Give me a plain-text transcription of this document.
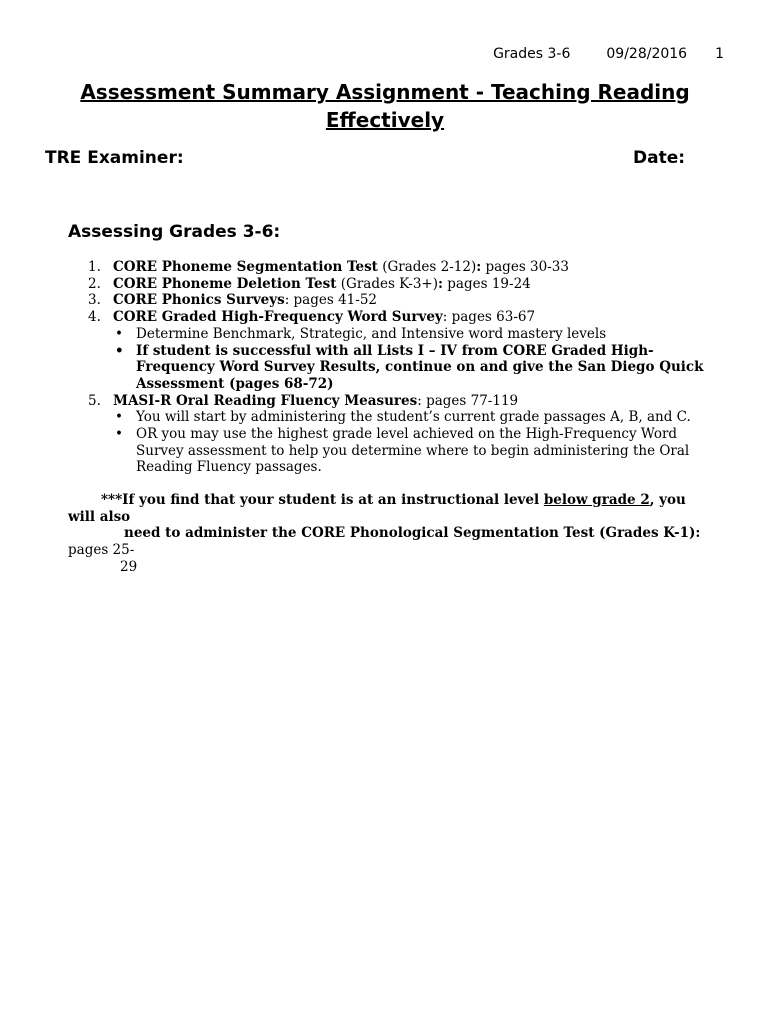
Grades 3-6	09/28/2016 1
Assessment Summary Assignment - Teaching Reading
Effectively
TRE Examiner:	Date:
Assessing Grades 3-6:
1. CORE Phoneme Segmentation Test (Grades 2-12): pages 30-33
2. CORE Phoneme Deletion Test (Grades K-3+): pages 19-24
3. CORE Phonics Surveys: pages 41-52
4. CORE Graded High-Frequency Word Survey: pages 63-67
• Determine Benchmark, Strategic, and Intensive word mastery levels
• If student is successful with all Lists I – IV from CORE Graded High-Frequency Word Survey Results, continue on and give the San Diego Quick Assessment (pages 68-72)
5. MASI-R Oral Reading Fluency Measures: pages 77-119
• You will start by administering the student’s current grade passages A, B, and C.
• OR you may use the highest grade level achieved on the High-Frequency Word Survey assessment to help you determine where to begin administering the Oral Reading Fluency passages.
***If you find that your student is at an instructional level below grade 2, you
will also
need to administer the CORE Phonological Segmentation Test (Grades K-1):
pages 25-
29
